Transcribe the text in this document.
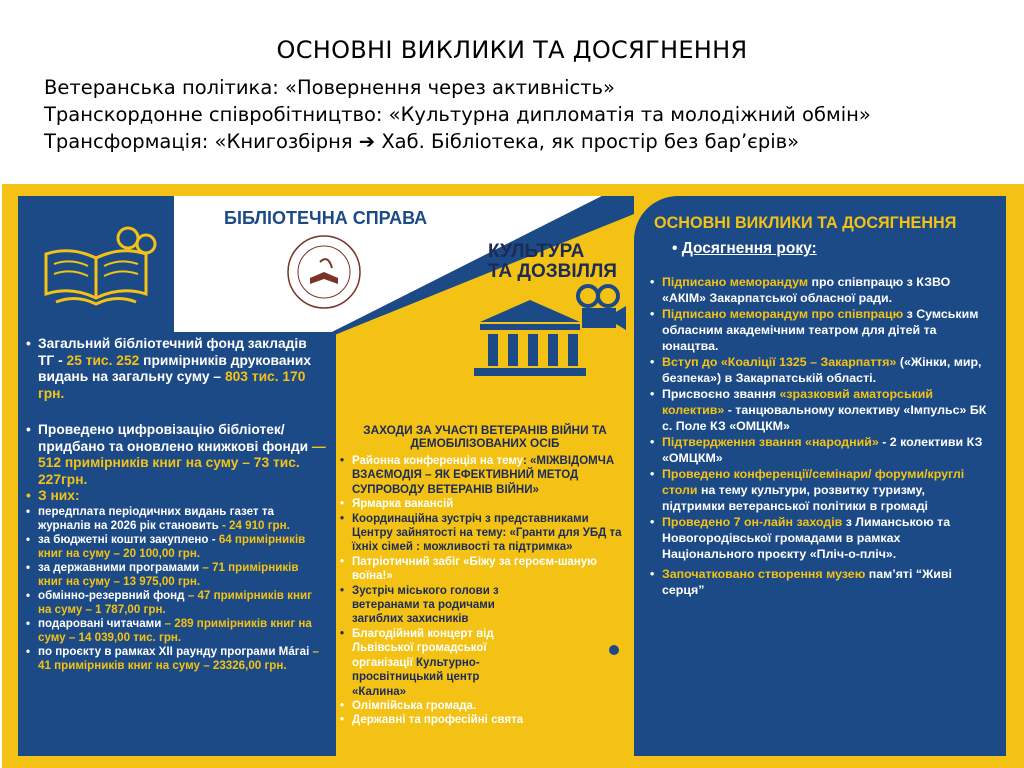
ОСНОВНІ ВИКЛИКИ ТА ДОСЯГНЕННЯ
Ветеранська політика: «Повернення через активність»
Транскордонне співробітництво: «Культурна дипломатія та молодіжний обмін»
Трансформація: «Книгозбірня ➔ Хаб. Бібліотека, як простір без бар’єрів»
БІБЛІОТЕЧНА СПРАВА
• Загальний бібліотечний фонд закладів ТГ - 25 тис. 252 примірників друкованих видань на загальну суму – 803 тис. 170 грн.
• Проведено цифровізацію бібліотек/ придбано та оновлено книжкові фонди —512 примірників книг на суму – 73 тис. 227грн.
• З них:
• передплата періодичних видань газет та журналів на 2026 рік становить - 24 910 грн.
• за бюджетні кошти закуплено - 64 примірників книг на суму – 20 100,00 грн.
• за державними програмами – 71 примірників книг на суму – 13 975,00 грн.
• обмінно-резервний фонд – 47 примірників книг на суму – 1 787,00 грн.
• подаровані читачами – 289 примірників книг на суму – 14 039,00 тис. грн.
• по проєкту в рамках ХІІ раунду програми Мáгаі – 41 примірників книг на суму – 23326,00 грн.
КУЛЬТУРА
ТА ДОЗВІЛЛЯ
ЗАХОДИ ЗА УЧАСТІ ВЕТЕРАНІВ ВІЙНИ ТА ДЕМОБІЛІЗОВАНИХ ОСІБ
• Районна конференція на тему: «МІЖВІДОМЧА ВЗАЄМОДІЯ – ЯК ЕФЕКТИВНИЙ МЕТОД СУПРОВОДУ ВЕТЕРАНІВ ВІЙНИ»
• Ярмарка вакансій
• Координаційна зустріч з представниками Центру зайнятості на тему: «Гранти для УБД та їхніх сімей : можливості та підтримка»
• Патріотичний забіг «Біжу за героєм-шаную воїна!»
• Зустріч міського голови з ветеранами та родичами загиблих захисників
• Благодійний концерт від Львівської громадської організації Культурно-просвітницький центр «Калина»
• Олімпійська громада.
• Державні та професійні свята
ОСНОВНІ ВИКЛИКИ ТА ДОСЯГНЕННЯ
• Досягнення року:
• Підписано меморандум про співпрацю з КЗВО «АКІМ» Закарпатської обласної ради.
• Підписано меморандум про співпрацю з Сумським обласним академічним театром для дітей та юнацтва.
• Вступ до «Коаліції 1325 – Закарпаття» («Жінки, мир, безпека») в Закарпатській області.
• Присвоєно звання «зразковий аматорський колектив» - танцювальному колективу «Імпульс» БК с. Поле КЗ «ОМЦКМ»
• Підтвердження звання «народний» - 2 колективи КЗ «ОМЦКМ»
• Проведено конференції/семінари/ форуми/круглі столи на тему культури, розвитку туризму, підтримки ветеранської політики в громаді
• Проведено 7 он-лайн заходів з Лиманською та Новогородівської громадами в рамках Національного проєкту «Пліч-о-пліч».
• Започатковано створення музею пам’яті “Живі серця”
